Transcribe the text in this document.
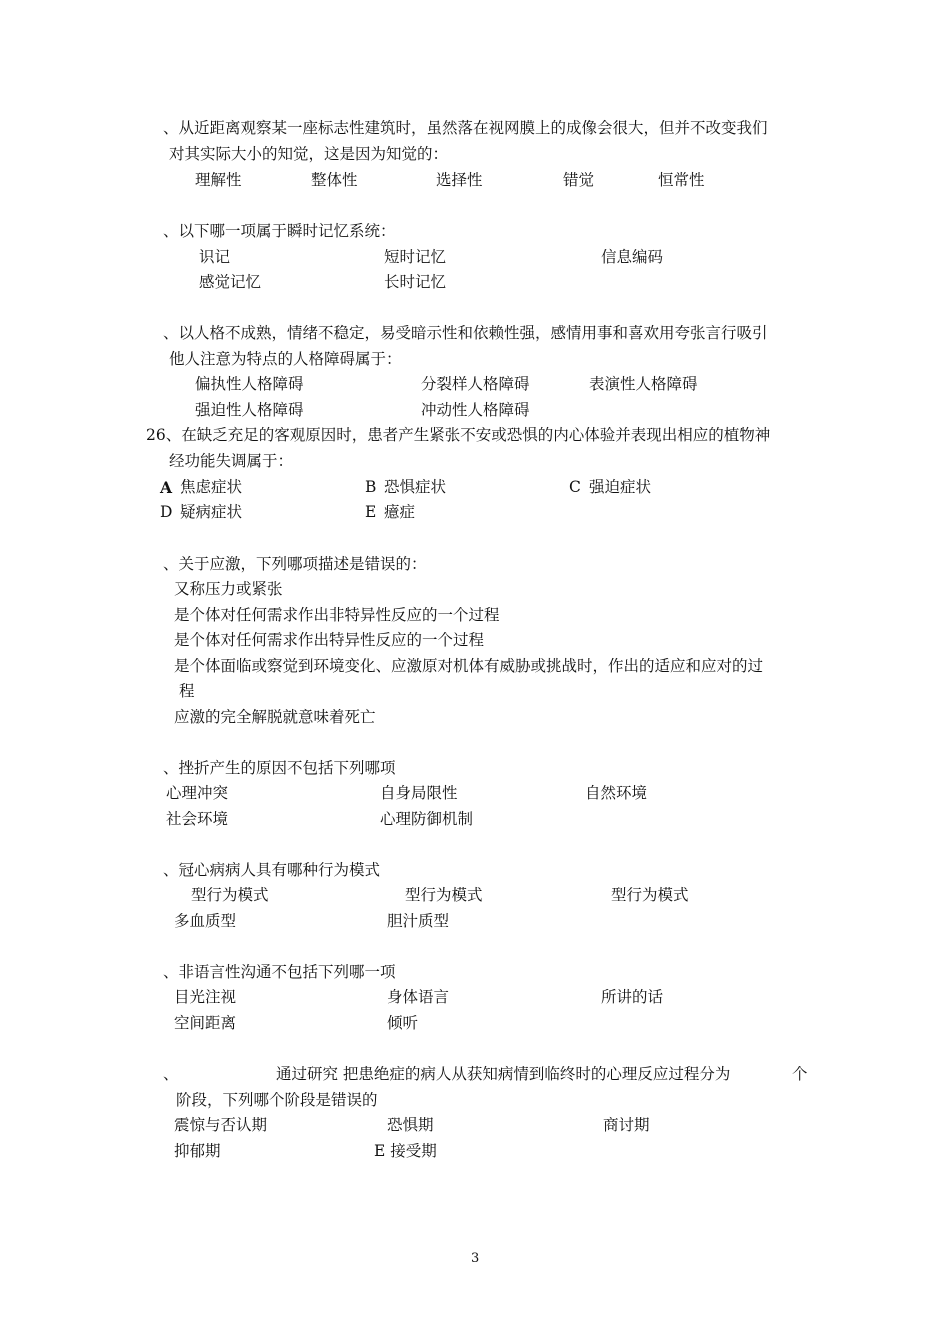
、从近距离观察某一座标志性建筑时，虽然落在视网膜上的成像会很大，但并不改变我们
对其实际大小的知觉，这是因为知觉的：
理解性	整体性	选择性	错觉	恒常性
、以下哪一项属于瞬时记忆系统：
识记	短时记忆	信息编码
感觉记忆	长时记忆
、以人格不成熟，情绪不稳定，易受暗示性和依赖性强，感情用事和喜欢用夸张言行吸引
他人注意为特点的人格障碍属于：
偏执性人格障碍	分裂样人格障碍	表演性人格障碍
强迫性人格障碍	冲动性人格障碍
26、在缺乏充足的客观原因时，患者产生紧张不安或恐惧的内心体验并表现出相应的植物神
经功能失调属于：
A 焦虑症状	B 恐惧症状	C 强迫症状
D 疑病症状	E 癔症
、关于应激，下列哪项描述是错误的：
又称压力或紧张
是个体对任何需求作出非特异性反应的一个过程
是个体对任何需求作出特异性反应的一个过程
是个体面临或察觉到环境变化、应激原对机体有威胁或挑战时，作出的适应和应对的过
程
应激的完全解脱就意味着死亡
、挫折产生的原因不包括下列哪项
心理冲突	自身局限性	自然环境
社会环境	心理防御机制
、冠心病病人具有哪种行为模式
型行为模式	型行为模式	型行为模式
多血质型	胆汁质型
、非语言性沟通不包括下列哪一项
目光注视	身体语言	所讲的话
空间距离	倾听
、	通过研究 把患绝症的病人从获知病情到临终时的心理反应过程分为	个
阶段，下列哪个阶段是错误的
震惊与否认期	恐惧期	商讨期
抑郁期	E 接受期
3
